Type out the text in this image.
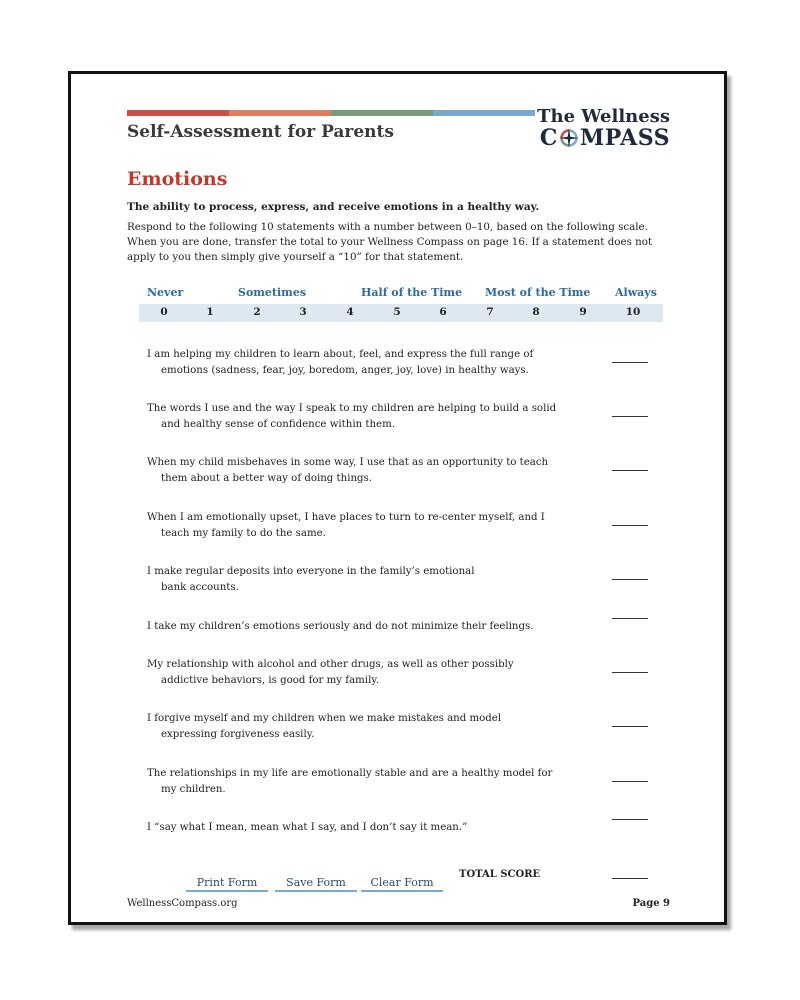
Self-Assessment for Parents
The Wellness
C MPASS
Emotions
The ability to process, express, and receive emotions in a healthy way.
Respond to the following 10 statements with a number between 0–10, based on the following scale. When you are done, transfer the total to your Wellness Compass on page 16. If a statement does not apply to you then simply give yourself a “10” for that statement.
Never	Sometimes	Half of the Time Most of the Time Always
0	1	2	3	4	5	6	7	8	9	10
I am helping my children to learn about, feel, and express the full range of
emotions (sadness, fear, joy, boredom, anger, joy, love) in healthy ways.
The words I use and the way I speak to my children are helping to build a solid
and healthy sense of confidence within them.
When my child misbehaves in some way, I use that as an opportunity to teach
them about a better way of doing things.
When I am emotionally upset, I have places to turn to re-center myself, and I
teach my family to do the same.
I make regular deposits into everyone in the family’s emotional
bank accounts.
I take my children’s emotions seriously and do not minimize their feelings.
My relationship with alcohol and other drugs, as well as other possibly
addictive behaviors, is good for my family.
I forgive myself and my children when we make mistakes and model
expressing forgiveness easily.
The relationships in my life are emotionally stable and are a healthy model for
my children.
I “say what I mean, mean what I say, and I don’t say it mean.”
Print Form	Save Form	Clear Form
TOTAL SCORE
WellnessCompass.org	Page 9
